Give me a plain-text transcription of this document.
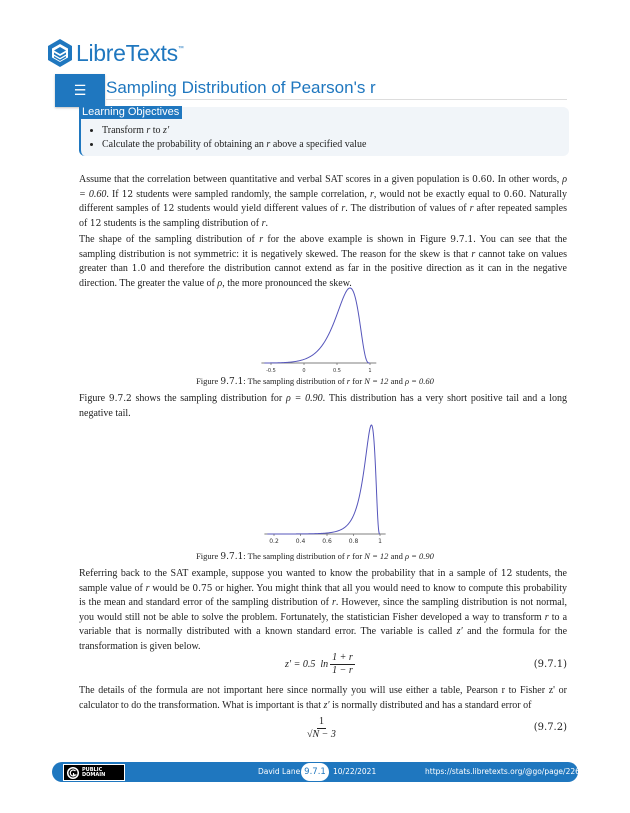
LibreTexts™
☰ Sampling Distribution of Pearson's r
Learning Objectives
• Transform r to z′
• Calculate the probability of obtaining an r above a specified value

Assume that the correlation between quantitative and verbal SAT scores in a given population is 0.60. In other words, ρ = 0.60. If 12 students were sampled randomly, the sample correlation, r, would not be exactly equal to 0.60. Naturally different samples of 12 students would yield different values of r. The distribution of values of r after repeated samples of 12 students is the sampling distribution of r.

The shape of the sampling distribution of r for the above example is shown in Figure 9.7.1. You can see that the sampling distribution is not symmetric: it is negatively skewed. The reason for the skew is that r cannot take on values greater than 1.0 and therefore the distribution cannot extend as far in the positive direction as it can in the negative direction. The greater the value of ρ, the more pronounced the skew.

-0.5	0	0.5	1
Figure 9.7.1: The sampling distribution of r for N = 12 and ρ = 0.60

Figure 9.7.2 shows the sampling distribution for ρ = 0.90. This distribution has a very short positive tail and a long negative tail.

0.2	0.4	0.6	0.8	1
Figure 9.7.1: The sampling distribution of r for N = 12 and ρ = 0.90

Referring back to the SAT example, suppose you wanted to know the probability that in a sample of 12 students, the sample value of r would be 0.75 or higher. You might think that all you would need to know to compute this probability is the mean and standard error of the sampling distribution of r. However, since the sampling distribution is not normal, you would still not be able to solve the problem. Fortunately, the statistician Fisher developed a way to transform r to a variable that is normally distributed with a known standard error. The variable is called z′ and the formula for the transformation is given below.

z′ = 0.5  $\ln \frac{1 + r}{1 - r}$	(9.7.1)

The details of the formula are not important here since normally you will use either a table, Pearson r to Fisher z' or calculator to do the transformation. What is important is that z′ is normally distributed and has a standard error of

$\frac{1}{√N - 3}$	(9.7.2)
PUBLIC
DOMAIN	David Lane 9.7.1 10/22/2021	https://stats.libretexts.org/@go/page/2268
